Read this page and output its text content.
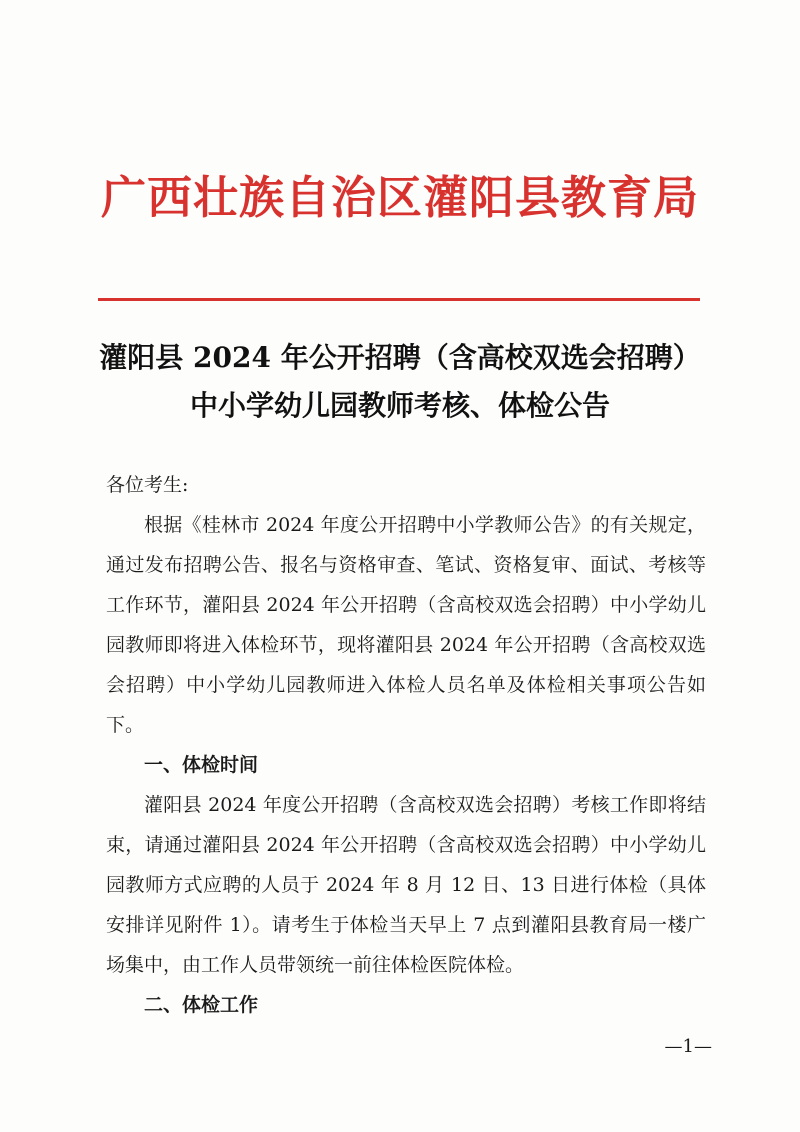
广西壮族自治区灌阳县教育局
灌阳县 2024 年公开招聘（含高校双选会招聘）
中小学幼儿园教师考核、体检公告

各位考生:

根据《桂林市 2024 年度公开招聘中小学教师公告》的有关规定，通过发布招聘公告、报名与资格审查、笔试、资格复审、面试、考核等工作环节，灌阳县 2024 年公开招聘（含高校双选会招聘）中小学幼儿园教师即将进入体检环节，现将灌阳县 2024 年公开招聘（含高校双选会招聘）中小学幼儿园教师进入体检人员名单及体检相关事项公告如下。

一、体检时间

灌阳县 2024 年度公开招聘（含高校双选会招聘）考核工作即将结束，请通过灌阳县 2024 年公开招聘（含高校双选会招聘）中小学幼儿园教师方式应聘的人员于 2024 年 8 月 12 日、13 日进行体检（具体安排详见附件 1）。请考生于体检当天早上 7 点到灌阳县教育局一楼广场集中，由工作人员带领统一前往体检医院体检。

二、体检工作

—1—
